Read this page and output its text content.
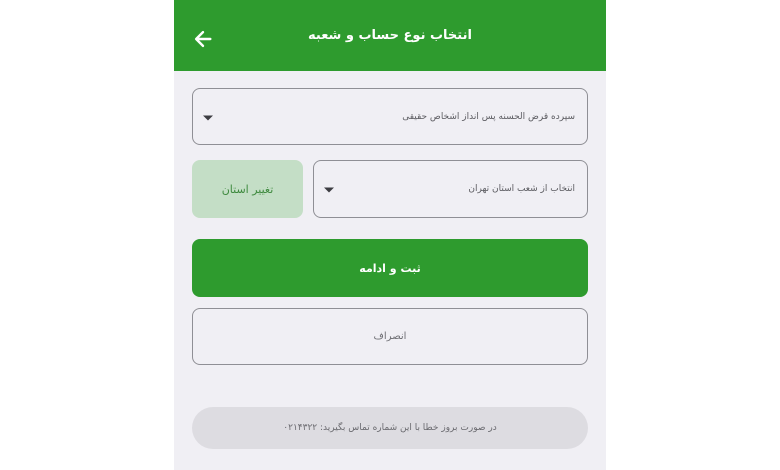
انتخاب نوع حساب و شعبه
سپرده قرض الحسنه پس انداز اشخاص حقیقی
تغییر استان	انتخاب از شعب استان تهران
ثبت و ادامه
انصراف
در صورت بروز خطا با این شماره تماس بگیرید: ۰۲۱۴۳۲۲
